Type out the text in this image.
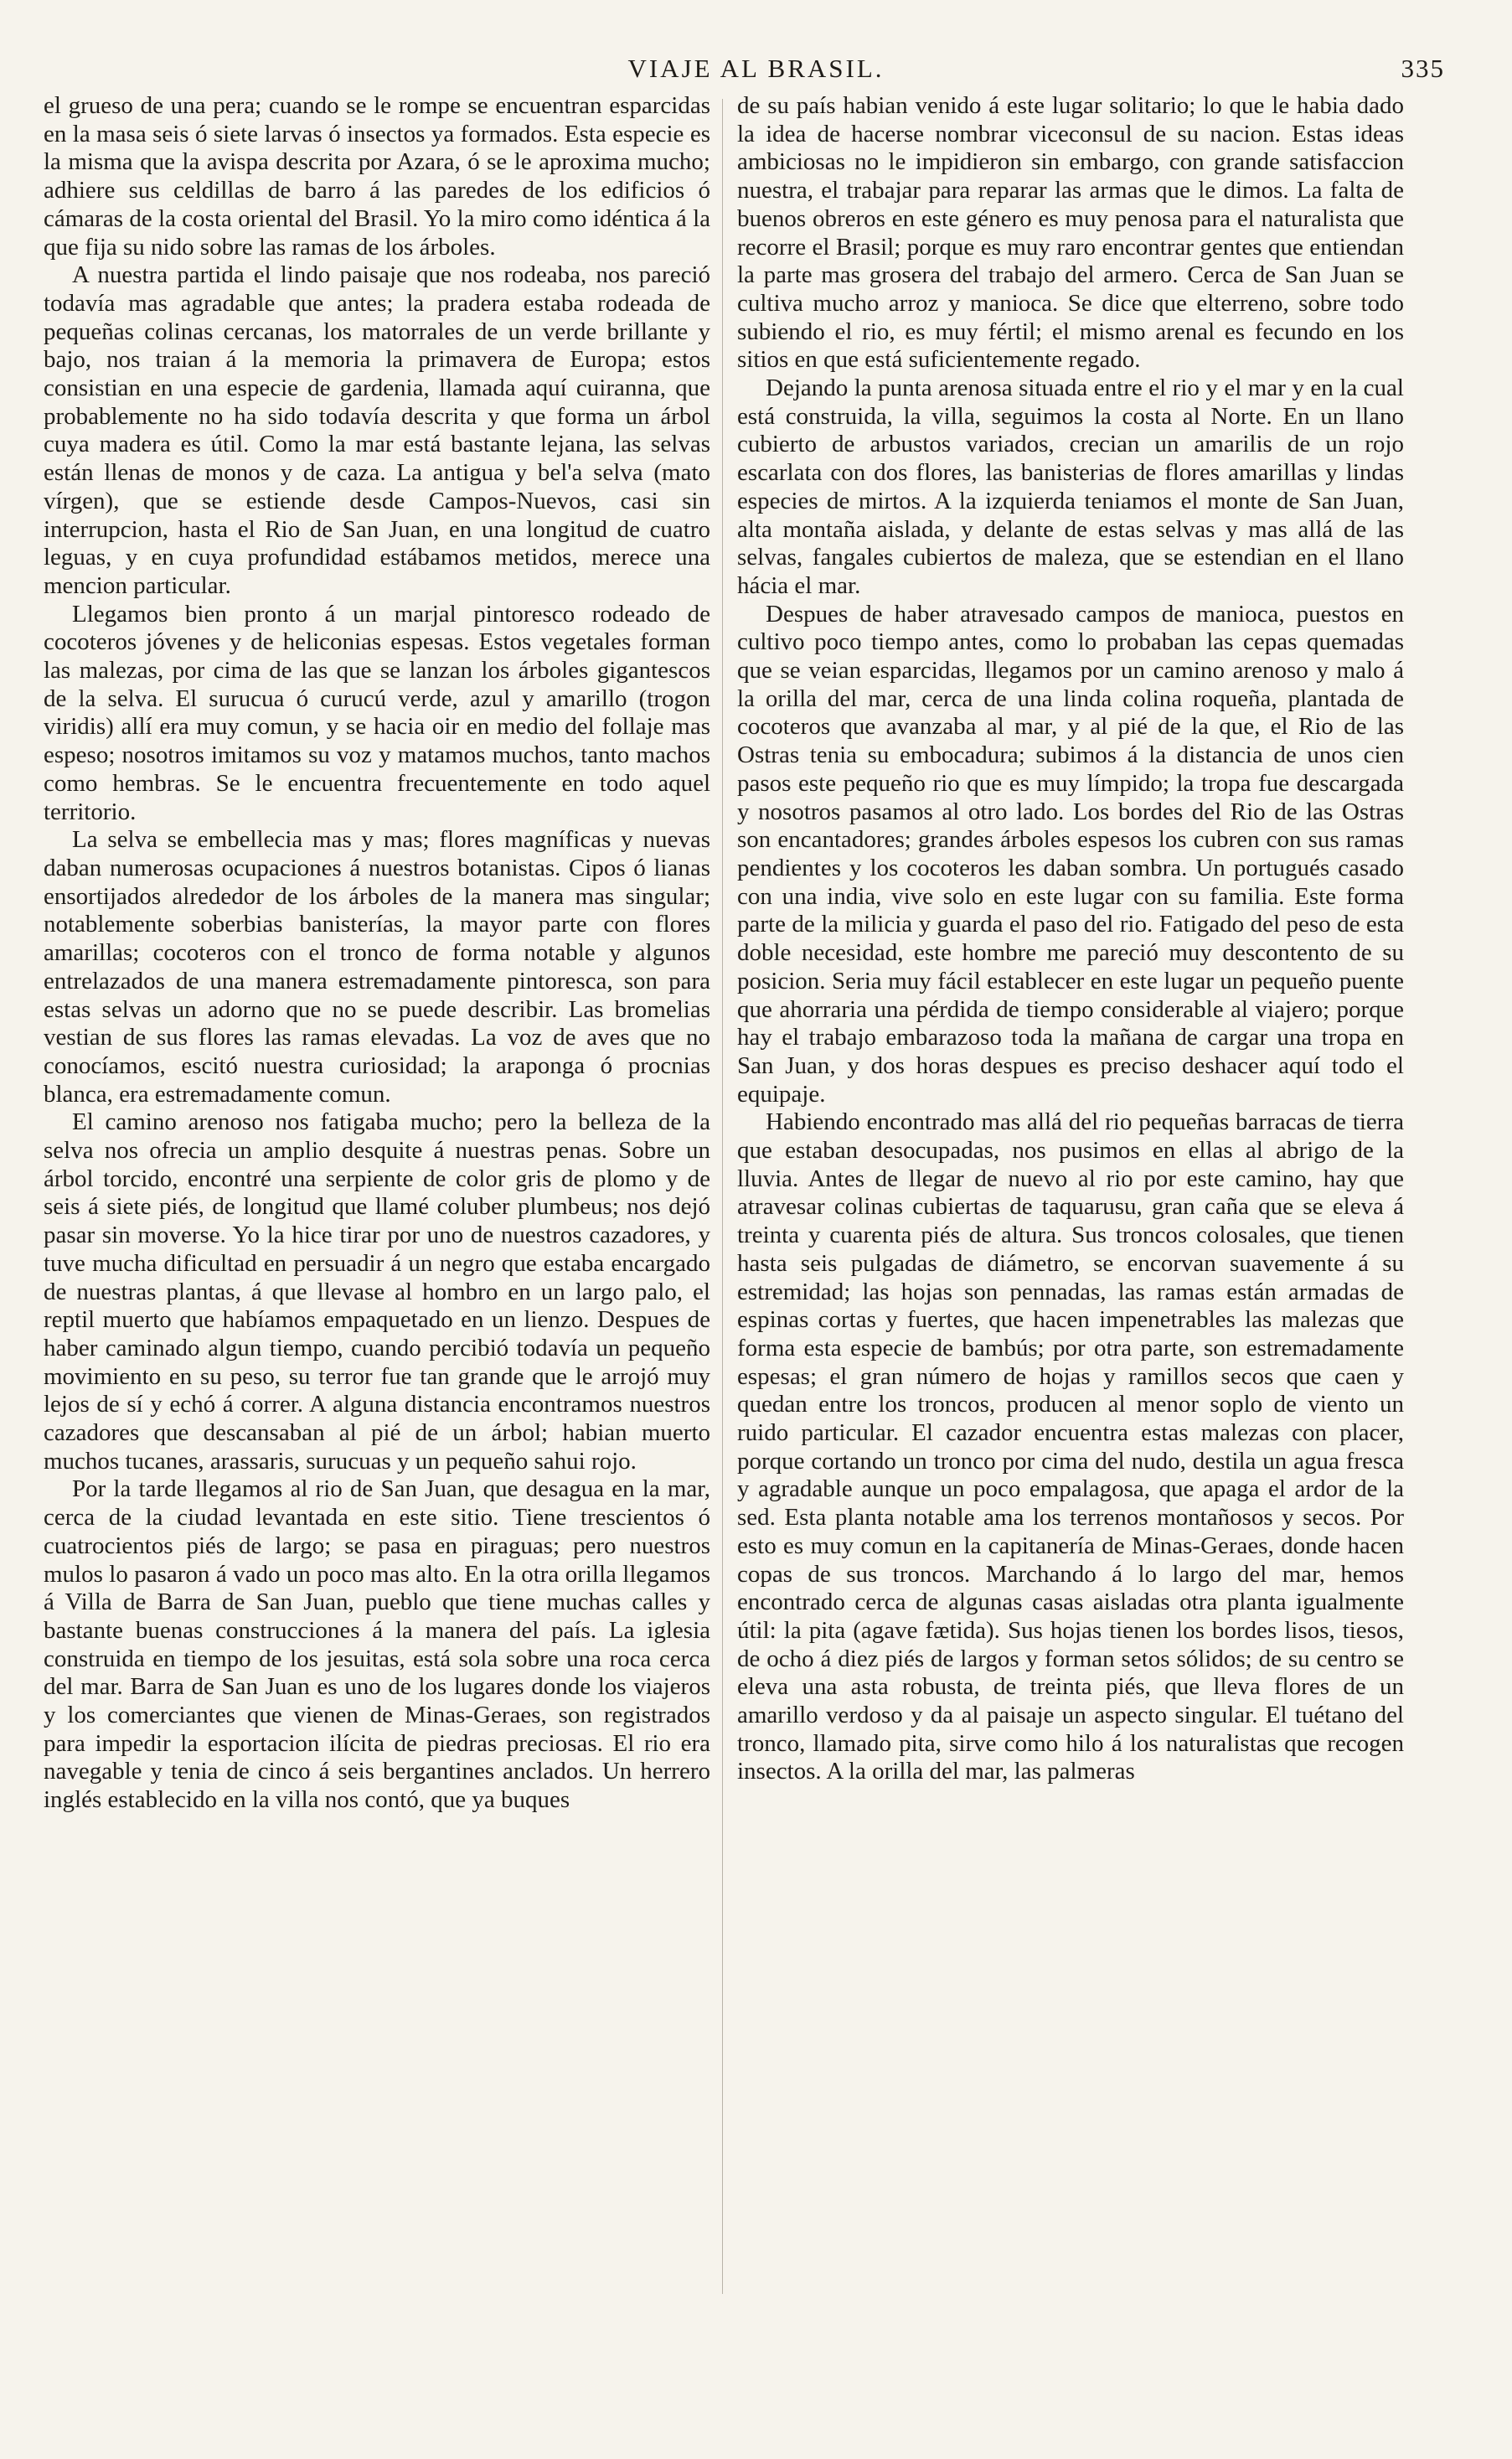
VIAJE AL BRASIL.	335

el grueso de una pera; cuando se le rompe se encuentran esparcidas en la masa seis ó siete larvas ó insectos ya formados. Esta especie es la misma que la avispa descrita por Azara, ó se le aproxima mucho; adhiere sus celdillas de barro á las paredes de los edificios ó cámaras de la costa oriental del Brasil. Yo la miro como idéntica á la que fija su nido sobre las ramas de los árboles.

A nuestra partida el lindo paisaje que nos rodeaba, nos pareció todavía mas agradable que antes; la pradera estaba rodeada de pequeñas colinas cercanas, los matorrales de un verde brillante y bajo, nos traian á la memoria la primavera de Europa; estos consistian en una especie de gardenia, llamada aquí cuiranna, que probablemente no ha sido todavía descrita y que forma un árbol cuya madera es útil. Como la mar está bastante lejana, las selvas están llenas de monos y de caza. La antigua y bel'a selva (mato vírgen), que se estiende desde Campos-Nuevos, casi sin interrupcion, hasta el Rio de San Juan, en una longitud de cuatro leguas, y en cuya profundidad estábamos metidos, merece una mencion particular.

Llegamos bien pronto á un marjal pintoresco rodeado de cocoteros jóvenes y de heliconias espesas. Estos vegetales forman las malezas, por cima de las que se lanzan los árboles gigantescos de la selva. El surucua ó curucú verde, azul y amarillo (trogon viridis) allí era muy comun, y se hacia oir en medio del follaje mas espeso; nosotros imitamos su voz y matamos muchos, tanto machos como hembras. Se le encuentra frecuentemente en todo aquel territorio.

La selva se embellecia mas y mas; flores magníficas y nuevas daban numerosas ocupaciones á nuestros botanistas. Cipos ó lianas ensortijados alrededor de los árboles de la manera mas singular; notablemente soberbias banisterías, la mayor parte con flores amarillas; cocoteros con el tronco de forma notable y algunos entrelazados de una manera estremadamente pintoresca, son para estas selvas un adorno que no se puede describir. Las bromelias vestian de sus flores las ramas elevadas. La voz de aves que no conocíamos, escitó nuestra curiosidad; la araponga ó procnias blanca, era estremadamente comun.

El camino arenoso nos fatigaba mucho; pero la belleza de la selva nos ofrecia un amplio desquite á nuestras penas. Sobre un árbol torcido, encontré una serpiente de color gris de plomo y de seis á siete piés, de longitud que llamé coluber plumbeus; nos dejó pasar sin moverse. Yo la hice tirar por uno de nuestros cazadores, y tuve mucha dificultad en persuadir á un negro que estaba encargado de nuestras plantas, á que llevase al hombro en un largo palo, el reptil muerto que habíamos empaquetado en un lienzo. Despues de haber caminado algun tiempo, cuando percibió todavía un pequeño movimiento en su peso, su terror fue tan grande que le arrojó muy lejos de sí y echó á correr. A alguna distancia encontramos nuestros cazadores que descansaban al pié de un árbol; habian muerto muchos tucanes, arassaris, surucuas y un pequeño sahui rojo.

Por la tarde llegamos al rio de San Juan, que desagua en la mar, cerca de la ciudad levantada en este sitio. Tiene trescientos ó cuatrocientos piés de largo; se pasa en piraguas; pero nuestros mulos lo pasaron á vado un poco mas alto. En la otra orilla llegamos á Villa de Barra de San Juan, pueblo que tiene muchas calles y bastante buenas construcciones á la manera del país. La iglesia construida en tiempo de los jesuitas, está sola sobre una roca cerca del mar. Barra de San Juan es uno de los lugares donde los viajeros y los comerciantes que vienen de Minas-Geraes, son registrados para impedir la esportacion ilícita de piedras preciosas. El rio era navegable y tenia de cinco á seis bergantines anclados. Un herrero inglés establecido en la villa nos contó, que ya buques

de su país habian venido á este lugar solitario; lo que le habia dado la idea de hacerse nombrar viceconsul de su nacion. Estas ideas ambiciosas no le impidieron sin embargo, con grande satisfaccion nuestra, el trabajar para reparar las armas que le dimos. La falta de buenos obreros en este género es muy penosa para el naturalista que recorre el Brasil; porque es muy raro encontrar gentes que entiendan la parte mas grosera del trabajo del armero. Cerca de San Juan se cultiva mucho arroz y manioca. Se dice que elterreno, sobre todo subiendo el rio, es muy fértil; el mismo arenal es fecundo en los sitios en que está suficientemente regado.

Dejando la punta arenosa situada entre el rio y el mar y en la cual está construida, la villa, seguimos la costa al Norte. En un llano cubierto de arbustos variados, crecian un amarilis de un rojo escarlata con dos flores, las banisterias de flores amarillas y lindas especies de mirtos. A la izquierda teniamos el monte de San Juan, alta montaña aislada, y delante de estas selvas y mas allá de las selvas, fangales cubiertos de maleza, que se estendian en el llano hácia el mar.

Despues de haber atravesado campos de manioca, puestos en cultivo poco tiempo antes, como lo probaban las cepas quemadas que se veian esparcidas, llegamos por un camino arenoso y malo á la orilla del mar, cerca de una linda colina roqueña, plantada de cocoteros que avanzaba al mar, y al pié de la que, el Rio de las Ostras tenia su embocadura; subimos á la distancia de unos cien pasos este pequeño rio que es muy límpido; la tropa fue descargada y nosotros pasamos al otro lado. Los bordes del Rio de las Ostras son encantadores; grandes árboles espesos los cubren con sus ramas pendientes y los cocoteros les daban sombra. Un portugués casado con una india, vive solo en este lugar con su familia. Este forma parte de la milicia y guarda el paso del rio. Fatigado del peso de esta doble necesidad, este hombre me pareció muy descontento de su posicion. Seria muy fácil establecer en este lugar un pequeño puente que ahorraria una pérdida de tiempo considerable al viajero; porque hay el trabajo embarazoso toda la mañana de cargar una tropa en San Juan, y dos horas despues es preciso deshacer aquí todo el equipaje.

Habiendo encontrado mas allá del rio pequeñas barracas de tierra que estaban desocupadas, nos pusimos en ellas al abrigo de la lluvia. Antes de llegar de nuevo al rio por este camino, hay que atravesar colinas cubiertas de taquarusu, gran caña que se eleva á treinta y cuarenta piés de altura. Sus troncos colosales, que tienen hasta seis pulgadas de diámetro, se encorvan suavemente á su estremidad; las hojas son pennadas, las ramas están armadas de espinas cortas y fuertes, que hacen impenetrables las malezas que forma esta especie de bambús; por otra parte, son estremadamente espesas; el gran número de hojas y ramillos secos que caen y quedan entre los troncos, producen al menor soplo de viento un ruido particular. El cazador encuentra estas malezas con placer, porque cortando un tronco por cima del nudo, destila un agua fresca y agradable aunque un poco empalagosa, que apaga el ardor de la sed. Esta planta notable ama los terrenos montañosos y secos. Por esto es muy comun en la capitanería de Minas-Geraes, donde hacen copas de sus troncos. Marchando á lo largo del mar, hemos encontrado cerca de algunas casas aisladas otra planta igualmente útil: la pita (agave fætida). Sus hojas tienen los bordes lisos, tiesos, de ocho á diez piés de largos y forman setos sólidos; de su centro se eleva una asta robusta, de treinta piés, que lleva flores de un amarillo verdoso y da al paisaje un aspecto singular. El tuétano del tronco, llamado pita, sirve como hilo á los naturalistas que recogen insectos. A la orilla del mar, las palmeras
